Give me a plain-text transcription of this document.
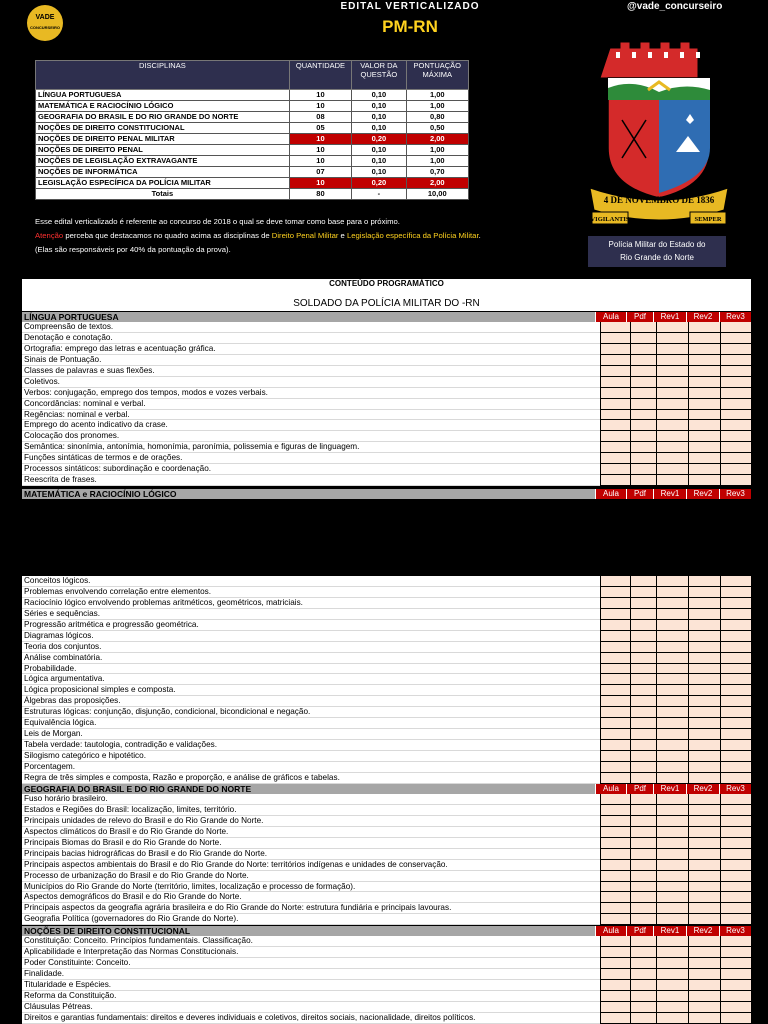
VADE
CONCURSEIRO
EDITAL VERTICALIZADO	@vade_concurseiro
PM-RN
DISCIPLINAS	QUANTIDADE	VALOR DA QUESTÃO	PONTUAÇÃO MÁXIMA
LÍNGUA PORTUGUESA	10	0,10	1,00
MATEMÁTICA E RACIOCÍNIO LÓGICO	10	0,10	1,00
GEOGRAFIA DO BRASIL E DO RIO GRANDE DO NORTE	08	0,10	0,80
NOÇÕES DE DIREITO CONSTITUCIONAL	05	0,10	0,50
NOÇÕES DE DIREITO PENAL MILITAR	10	0,20	2,00
NOÇÕES DE DIREITO PENAL	10	0,10	1,00
NOÇÕES DE LEGISLAÇÃO EXTRAVAGANTE	10	0,10	1,00
NOÇÕES DE INFORMÁTICA	07	0,10	0,70
LEGISLAÇÃO ESPECÍFICA DA POLÍCIA MILITAR	10	0,20	2,00
Totais	80	-	10,00
Esse edital verticalizado é referente ao concurso de 2018 o qual se deve tomar como base para o próximo.
Atenção perceba que destacamos no quadro acima as disciplinas de Direito Penal Militar e Legislação específica da Polícia Militar.
(Elas são responsáveis por 40% da pontuação da prova).
4 DE NOVEMBRO DE 1836
VIGILANTIS	SEMPER
Polícia Militar do Estado do
Rio Grande do Norte
CONTEÚDO PROGRAMÁTICO
SOLDADO DA POLÍCIA MILITAR DO -RN
LÍNGUA PORTUGUESA	Aula	Pdf	Rev1	Rev2	Rev3
Compreensão de textos.
Denotação e conotação.
Ortografia: emprego das letras e acentuação gráfica.
Sinais de Pontuação.
Classes de palavras e suas flexões.
Coletivos.
Verbos: conjugação, emprego dos tempos, modos e vozes verbais.
Concordâncias: nominal e verbal.
Regências: nominal e verbal.
Emprego do acento indicativo da crase.
Colocação dos pronomes.
Semântica: sinonímia, antonímia, homonímia, paronímia, polissemia e figuras de linguagem.
Funções sintáticas de termos e de orações.
Processos sintáticos: subordinação e coordenação.
Reescrita de frases.
MATEMÁTICA e RACIOCÍNIO LÓGICO	Aula	Pdf	Rev1	Rev2	Rev3
Conceitos lógicos.
Problemas envolvendo correlação entre elementos.
Raciocínio lógico envolvendo problemas aritméticos, geométricos, matriciais.
Séries e sequências.
Progressão aritmética e progressão geométrica.
Diagramas lógicos.
Teoria dos conjuntos.
Análise combinatória.
Probabilidade.
Lógica argumentativa.
Lógica proposicional simples e composta.
Álgebras das proposições.
Estruturas lógicas: conjunção, disjunção, condicional, bicondicional e negação.
Equivalência lógica.
Leis de Morgan.
Tabela verdade: tautologia, contradição e validações.
Silogismo categórico e hipotético.
Porcentagem.
Regra de três simples e composta, Razão e proporção, e análise de gráficos e tabelas.
GEOGRAFIA DO BRASIL E DO RIO GRANDE DO NORTE	Aula	Pdf	Rev1	Rev2	Rev3
Fuso horário brasileiro.
Estados e Regiões do Brasil: localização, limites, território.
Principais unidades de relevo do Brasil e do Rio Grande do Norte.
Aspectos climáticos do Brasil e do Rio Grande do Norte.
Principais Biomas do Brasil e do Rio Grande do Norte.
Principais bacias hidrográficas do Brasil e do Rio Grande do Norte.
Principais aspectos ambientais do Brasil e do Rio Grande do Norte: territórios indígenas e unidades de conservação.
Processo de urbanização do Brasil e do Rio Grande do Norte.
Municípios do Rio Grande do Norte (território, limites, localização e processo de formação).
Aspectos demográficos do Brasil e do Rio Grande do Norte.
Principais aspectos da geografia agrária brasileira e do Rio Grande do Norte: estrutura fundiária e principais lavouras.
Geografia Política (governadores do Rio Grande do Norte).
NOÇÕES DE DIREITO CONSTITUCIONAL	Aula	Pdf	Rev1	Rev2	Rev3
Constituição: Conceito. Princípios fundamentais. Classificação.
Aplicabilidade e Interpretação das Normas Constitucionais.
Poder Constituinte: Conceito.
Finalidade.
Titularidade e Espécies.
Reforma da Constituição.
Cláusulas Pétreas.
Direitos e garantias fundamentais: direitos e deveres individuais e coletivos, direitos sociais, nacionalidade, direitos políticos.
